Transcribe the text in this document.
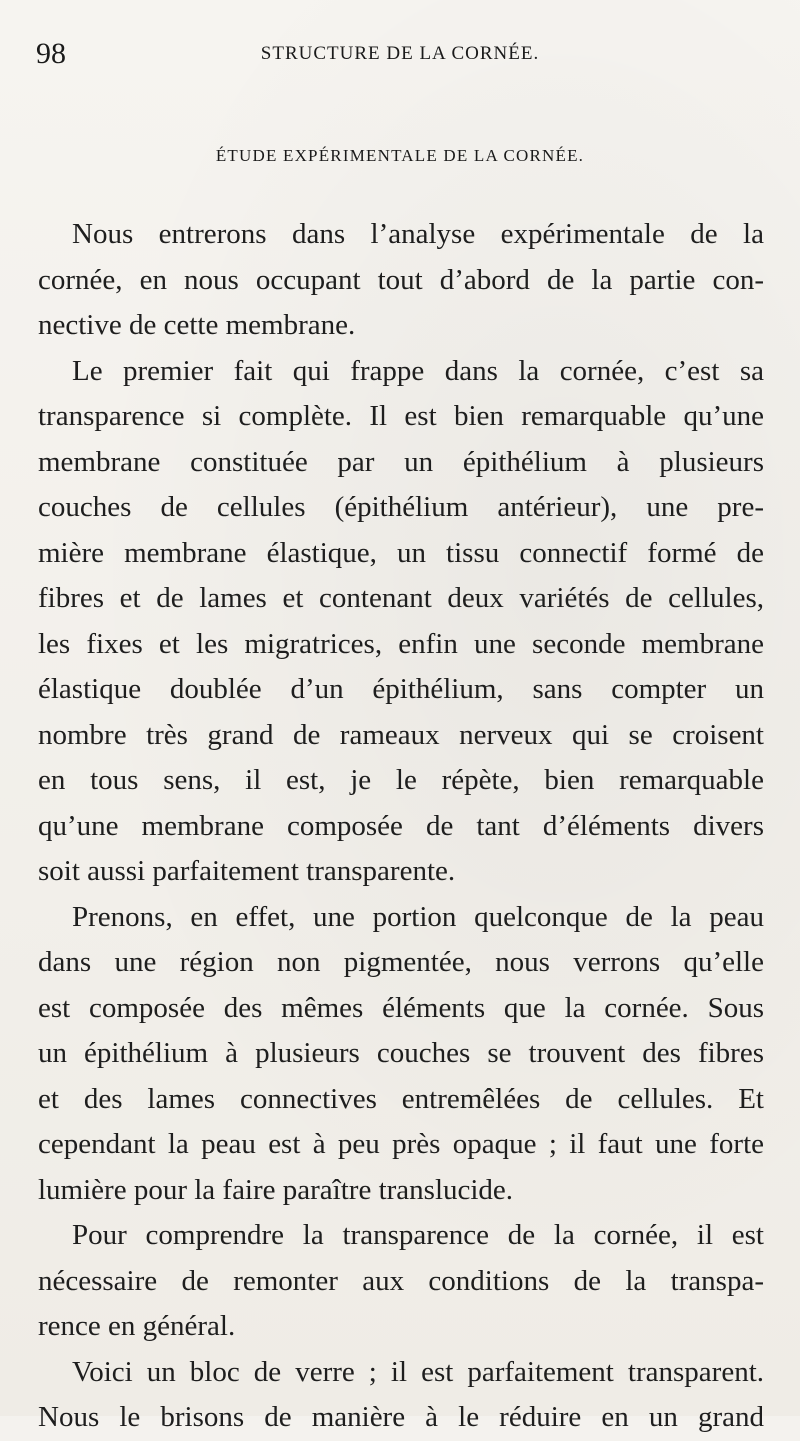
98	STRUCTURE DE LA CORNÉE.
ÉTUDE EXPÉRIMENTALE DE LA CORNÉE.
Nous entrerons dans l’analyse expérimentale de la
cornée, en nous occupant tout d’abord de la partie con-
nective de cette membrane.
Le premier fait qui frappe dans la cornée, c’est sa
transparence si complète. Il est bien remarquable qu’une
membrane constituée par un épithélium à plusieurs
couches de cellules (épithélium antérieur), une pre-
mière membrane élastique, un tissu connectif formé de
fibres et de lames et contenant deux variétés de cellules,
les fixes et les migratrices, enfin une seconde membrane
élastique doublée d’un épithélium, sans compter un
nombre très grand de rameaux nerveux qui se croisent
en tous sens, il est, je le répète, bien remarquable
qu’une membrane composée de tant d’éléments divers
soit aussi parfaitement transparente.
Prenons, en effet, une portion quelconque de la peau
dans une région non pigmentée, nous verrons qu’elle
est composée des mêmes éléments que la cornée. Sous
un épithélium à plusieurs couches se trouvent des fibres
et des lames connectives entremêlées de cellules. Et
cependant la peau est à peu près opaque ; il faut une forte
lumière pour la faire paraître translucide.
Pour comprendre la transparence de la cornée, il est
nécessaire de remonter aux conditions de la transpa-
rence en général.
Voici un bloc de verre ; il est parfaitement transparent.
Nous le brisons de manière à le réduire en un grand
